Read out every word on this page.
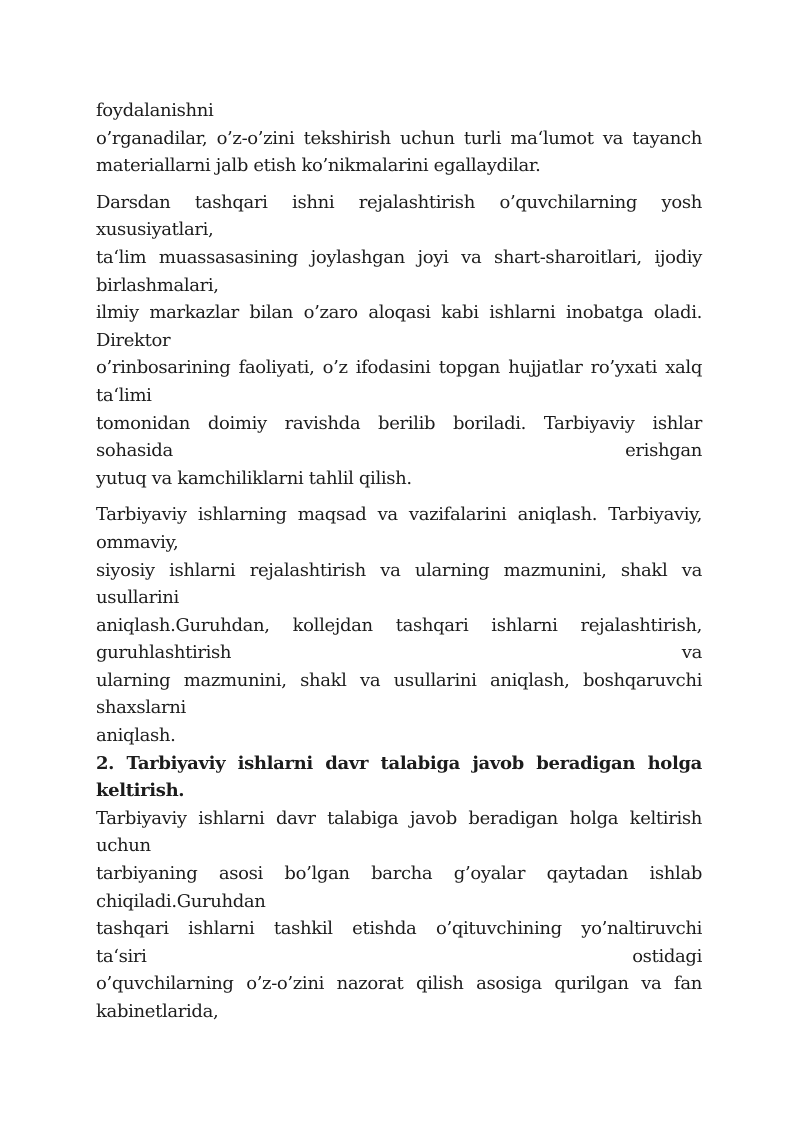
foydalanishni
o’rganadilar, o’z-o’zini tekshirish uchun turli ma‘lumot va tayanch
materiallarni jalb etish ko’nikmalarini egallaydilar.
Darsdan tashqari ishni rejalashtirish o’quvchilarning yosh
xususiyatlari,
ta‘lim muassasasining joylashgan joyi va shart-sharoitlari, ijodiy
birlashmalari,
ilmiy markazlar bilan o’zaro aloqasi kabi ishlarni inobatga oladi.
Direktor
o’rinbosarining faoliyati, o’z ifodasini topgan hujjatlar ro’yxati xalq
ta‘limi
tomonidan doimiy ravishda berilib boriladi. Tarbiyaviy ishlar
sohasida erishgan
yutuq va kamchiliklarni tahlil qilish.
Tarbiyaviy ishlarning maqsad va vazifalarini aniqlash. Tarbiyaviy,
ommaviy,
siyosiy ishlarni rejalashtirish va ularning mazmunini, shakl va
usullarini
aniqlash.Guruhdan, kollejdan tashqari ishlarni rejalashtirish,
guruhlashtirish va
ularning mazmunini, shakl va usullarini aniqlash, boshqaruvchi
shaxslarni
aniqlash.
2. Tarbiyaviy ishlarni davr talabiga javob beradigan holga
keltirish.
Tarbiyaviy ishlarni davr talabiga javob beradigan holga keltirish
uchun
tarbiyaning asosi bo’lgan barcha g’oyalar qaytadan ishlab
chiqiladi.Guruhdan
tashqari ishlarni tashkil etishda o’qituvchining yo’naltiruvchi
ta‘siri ostidagi
o’quvchilarning o’z-o’zini nazorat qilish asosiga qurilgan va fan
kabinetlarida,
